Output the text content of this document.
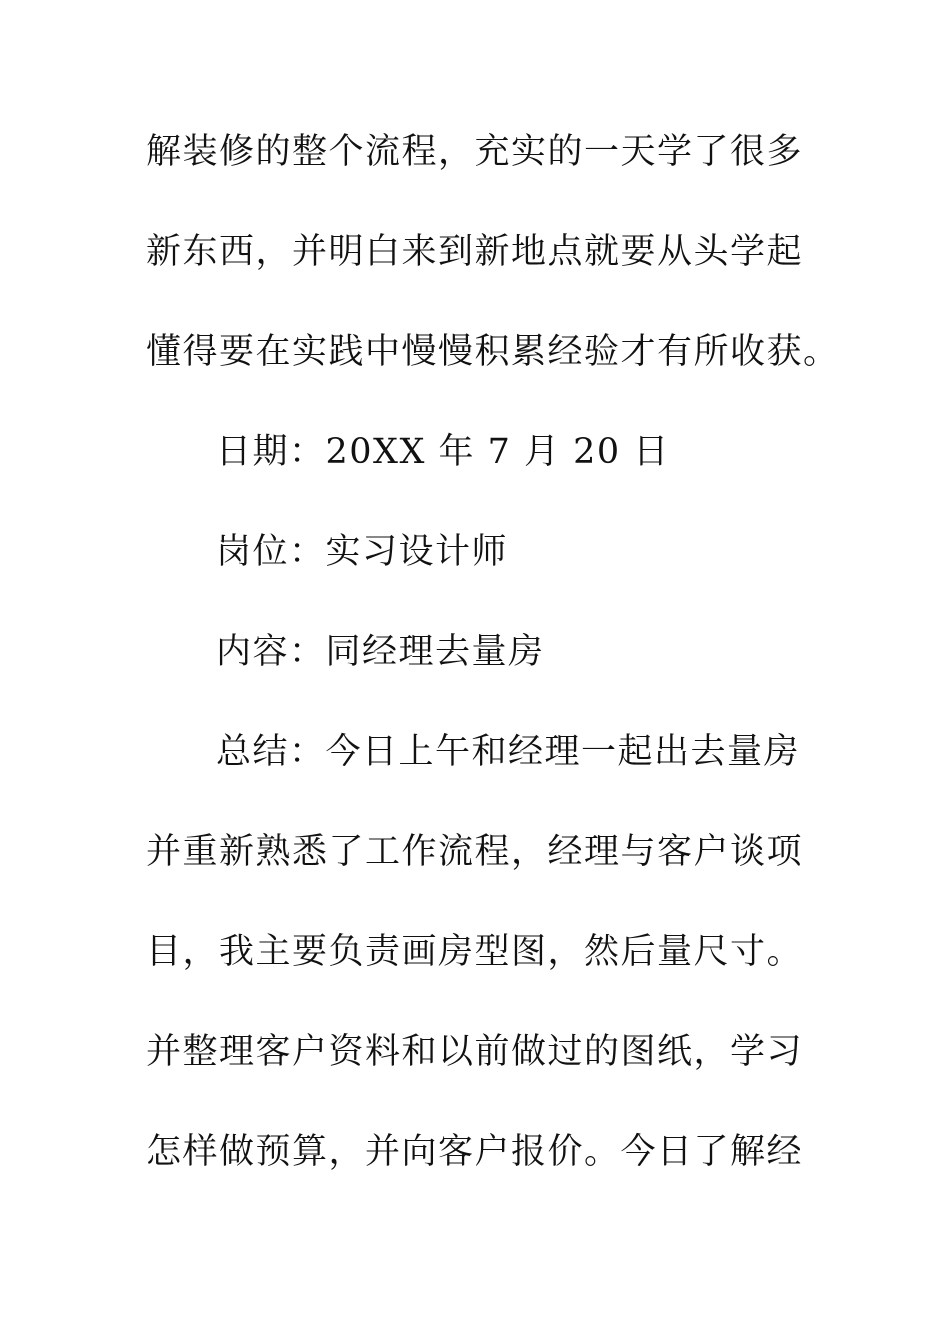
解装修的整个流程，充实的一天学了很多
新东西，并明白来到新地点就要从头学起
懂得要在实践中慢慢积累经验才有所收获。
日期：20XX 年 7 月 20 日
岗位：实习设计师
内容：同经理去量房
总结：今日上午和经理一起出去量房
并重新熟悉了工作流程，经理与客户谈项
目，我主要负责画房型图，然后量尺寸。
并整理客户资料和以前做过的图纸，学习
怎样做预算，并向客户报价。今日了解经
